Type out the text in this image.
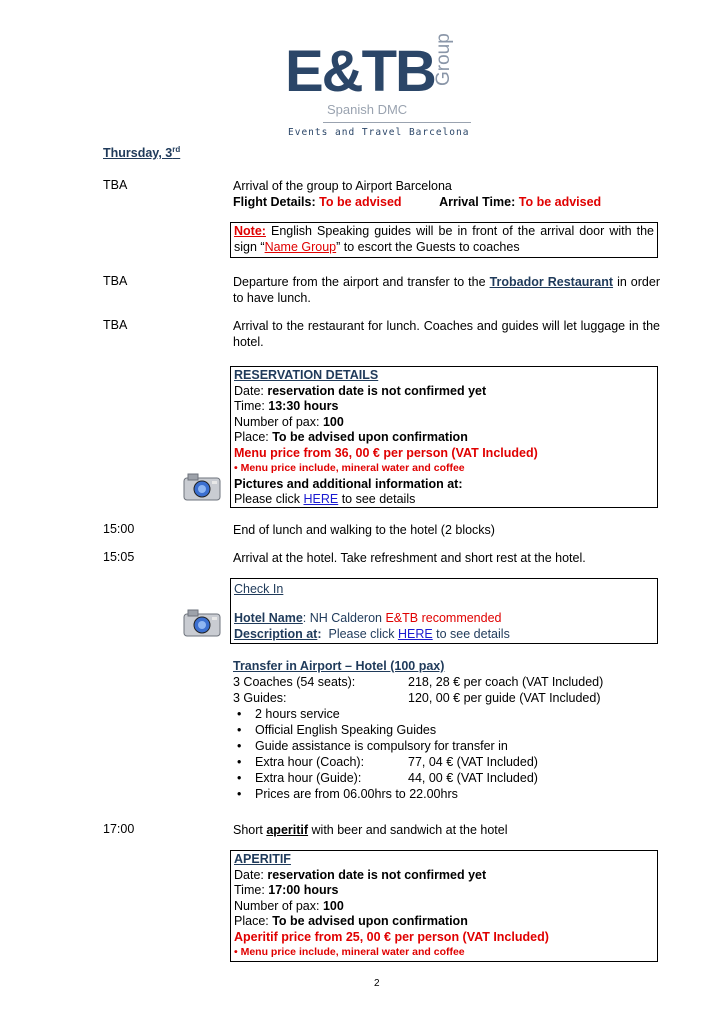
E&TB
Group
Spanish DMC
Events and Travel Barcelona
Thursday, 3rd
TBA	Arrival of the group to Airport Barcelona
Flight Details: To be advised	Arrival Time: To be advised
Note: English Speaking guides will be in front of the arrival door with the sign “Name Group” to escort the Guests to coaches
TBA	Departure from the airport and transfer to the Trobador Restaurant in order to have lunch.
TBA	Arrival to the restaurant for lunch. Coaches and guides will let luggage in the hotel.
RESERVATION DETAILS
Date: reservation date is not confirmed yet
Time: 13:30 hours
Number of pax: 100
Place: To be advised upon confirmation
Menu price from 36, 00 € per person (VAT Included)
• Menu price include, mineral water and coffee
Pictures and additional information at:
Please click HERE to see details
15:00	End of lunch and walking to the hotel (2 blocks)
15:05	Arrival at the hotel. Take refreshment and short rest at the hotel.
Check In
Hotel Name: NH Calderon E&TB recommended
Description at:  Please click HERE to see details
Transfer in Airport – Hotel (100 pax)
3 Coaches (54 seats):	218, 28 € per coach (VAT Included)
3 Guides:	120, 00 € per guide (VAT Included)
• 2 hours service
• Official English Speaking Guides
• Guide assistance is compulsory for transfer in
• Extra hour (Coach):	77, 04 € (VAT Included)
• Extra hour (Guide):	44, 00 € (VAT Included)
• Prices are from 06.00hrs to 22.00hrs
17:00	Short aperitif with beer and sandwich at the hotel
APERITIF
Date: reservation date is not confirmed yet
Time: 17:00 hours
Number of pax: 100
Place: To be advised upon confirmation
Aperitif price from 25, 00 € per person (VAT Included)
• Menu price include, mineral water and coffee
2
